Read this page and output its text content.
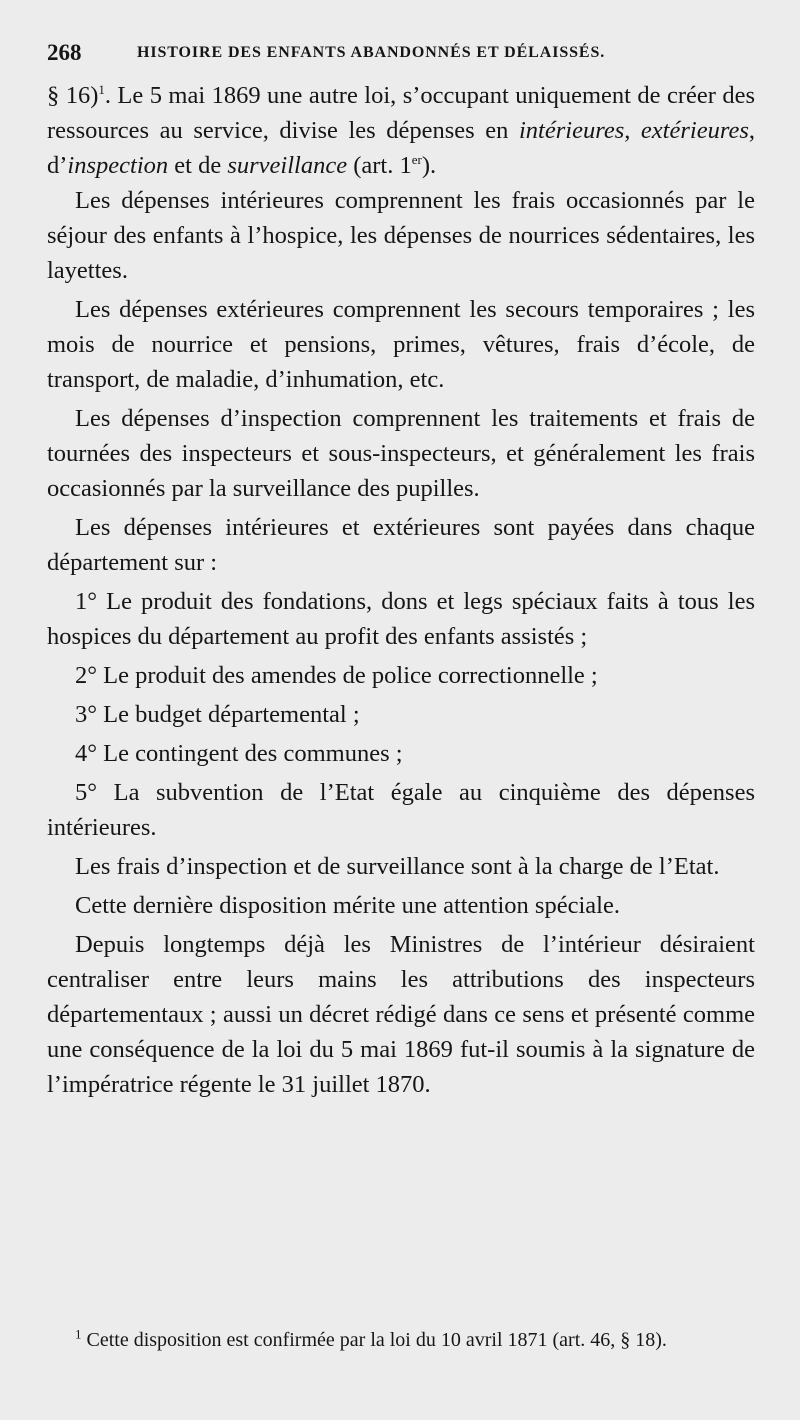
268	HISTOIRE DES ENFANTS ABANDONNÉS ET DÉLAISSÉS.

§ 16)$^1$. Le 5 mai 1869 une autre loi, s’occupant uniquement de créer des ressources au service, divise les dépenses en intérieures, extérieures, d’inspection et de surveillance (art. 1er).

Les dépenses intérieures comprennent les frais occasionnés par le séjour des enfants à l’hospice, les dépenses de nourrices sédentaires, les layettes.

Les dépenses extérieures comprennent les secours temporaires ; les mois de nourrice et pensions, primes, vêtures, frais d’école, de transport, de maladie, d’inhumation, etc.

Les dépenses d’inspection comprennent les traitements et frais de tournées des inspecteurs et sous-inspecteurs, et généralement les frais occasionnés par la surveillance des pupilles.

Les dépenses intérieures et extérieures sont payées dans chaque département sur :

1° Le produit des fondations, dons et legs spéciaux faits à tous les hospices du département au profit des enfants assistés ;

2° Le produit des amendes de police correctionnelle ;

3° Le budget départemental ;

4° Le contingent des communes ;

5° La subvention de l’Etat égale au cinquième des dépenses intérieures.

Les frais d’inspection et de surveillance sont à la charge de l’Etat.

Cette dernière disposition mérite une attention spéciale.

Depuis longtemps déjà les Ministres de l’intérieur désiraient centraliser entre leurs mains les attributions des inspecteurs départementaux ; aussi un décret rédigé dans ce sens et présenté comme une conséquence de la loi du 5 mai 1869 fut-il soumis à la signature de l’impératrice régente le 31 juillet 1870.

$^1$ Cette disposition est confirmée par la loi du 10 avril 1871 (art. 46, § 18).
